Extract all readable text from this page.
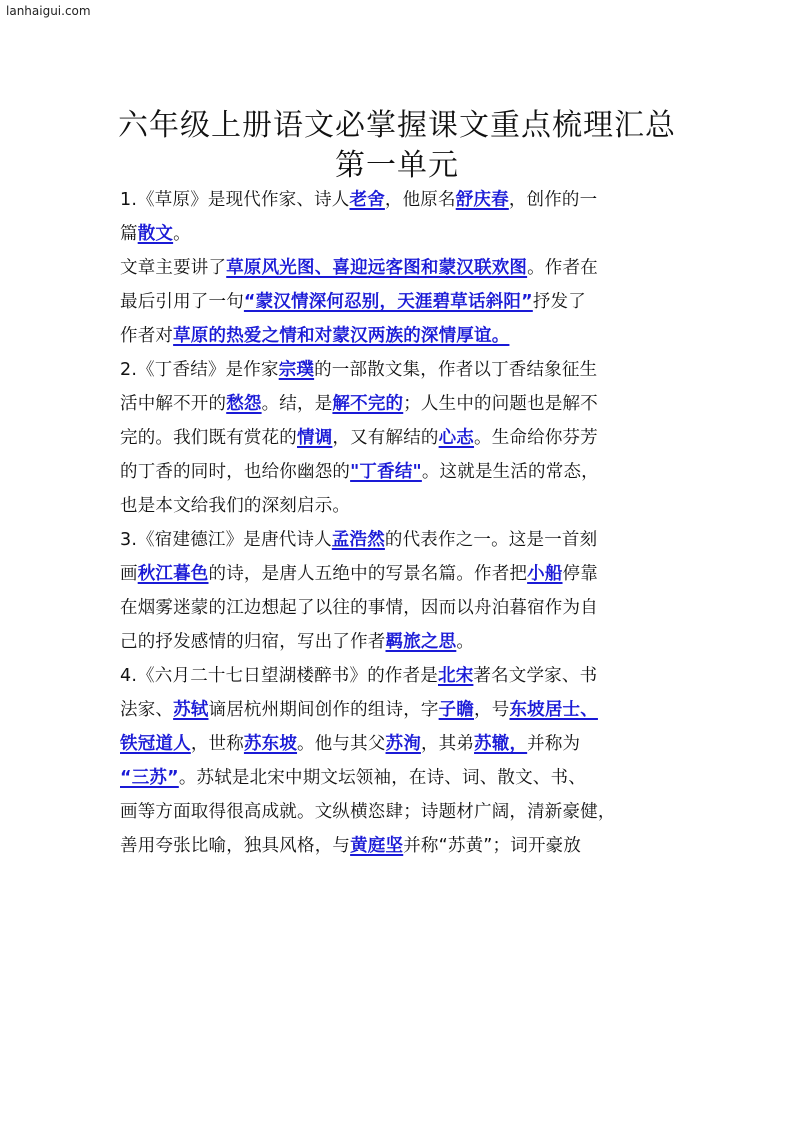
lanhaigui.com
六年级上册语文必掌握课文重点梳理汇总
第一单元
1.《草原》是现代作家、诗人老舍，他原名舒庆春，创作的一
篇散文。
文章主要讲了草原风光图、喜迎远客图和蒙汉联欢图。作者在
最后引用了一句“蒙汉情深何忍别，天涯碧草话斜阳”抒发了
作者对草原的热爱之情和对蒙汉两族的深情厚谊。
2.《丁香结》是作家宗璞的一部散文集，作者以丁香结象征生
活中解不开的愁怨。结，是解不完的；人生中的问题也是解不
完的。我们既有赏花的情调，又有解结的心志。生命给你芬芳
的丁香的同时，也给你幽怨的"丁香结"。这就是生活的常态，
也是本文给我们的深刻启示。
3.《宿建德江》是唐代诗人孟浩然的代表作之一。这是一首刻
画秋江暮色的诗，是唐人五绝中的写景名篇。作者把小船停靠
在烟雾迷蒙的江边想起了以往的事情，因而以舟泊暮宿作为自
己的抒发感情的归宿，写出了作者羁旅之思。
4.《六月二十七日望湖楼醉书》的作者是北宋著名文学家、书
法家、苏轼谪居杭州期间创作的组诗，字子瞻，号东坡居士、
铁冠道人，世称苏东坡。他与其父苏洵，其弟苏辙，并称为
“三苏”。苏轼是北宋中期文坛领袖，在诗、词、散文、书、
画等方面取得很高成就。文纵横恣肆；诗题材广阔，清新豪健，
善用夸张比喻，独具风格，与黄庭坚并称“苏黄”；词开豪放
